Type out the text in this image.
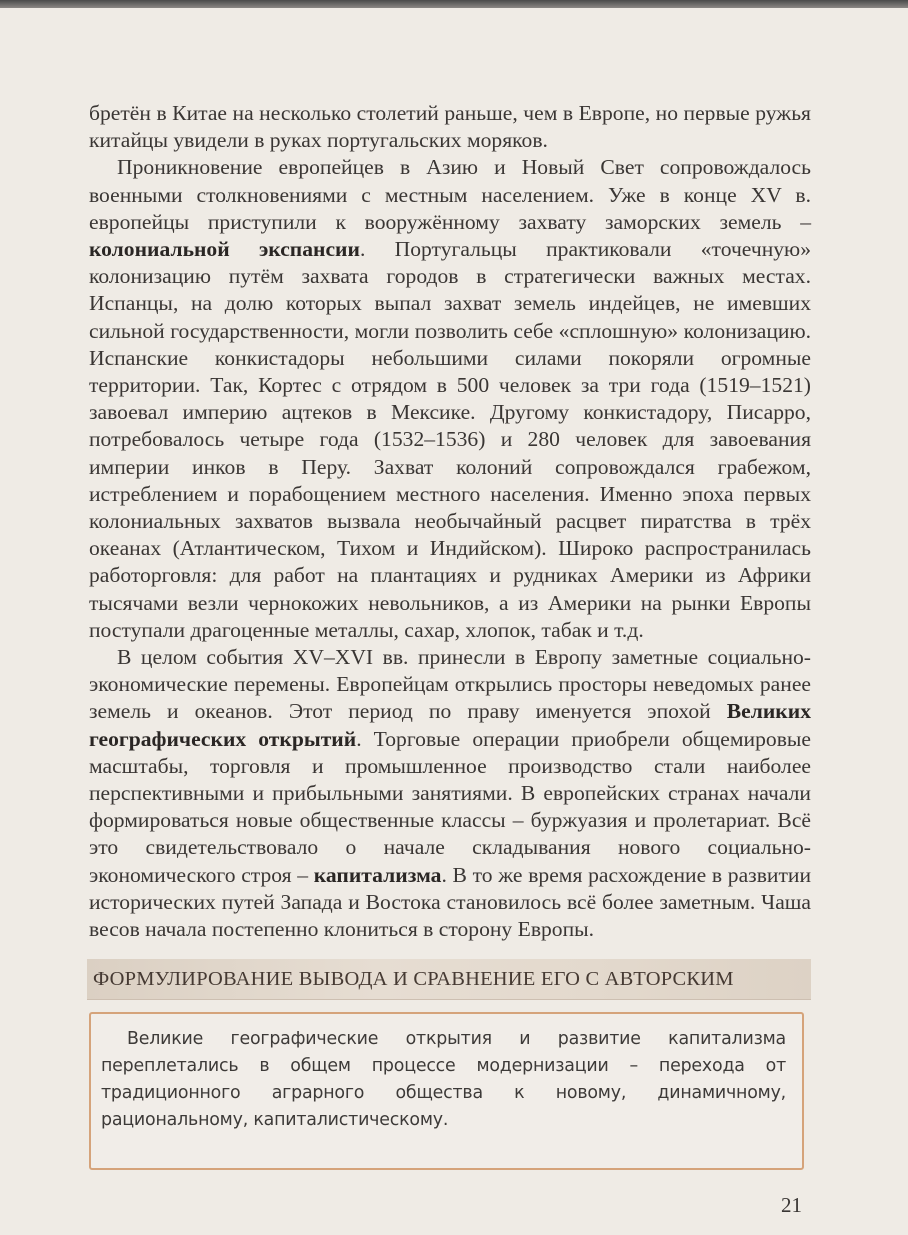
бретён в Китае на несколько столетий раньше, чем в Европе, но первые ружья китайцы увидели в руках португальских моряков.

Проникновение европейцев в Азию и Новый Свет сопровождалось военными столкновениями с местным населением. Уже в конце XV в. европейцы приступили к вооружённому захвату заморских земель – колониальной экспансии. Португальцы практиковали «точечную» колонизацию путём захвата городов в стратегически важных местах. Испанцы, на долю которых выпал захват земель индейцев, не имевших сильной государственности, могли позволить себе «сплошную» колонизацию. Испанские конкистадоры небольшими силами покоряли огромные территории. Так, Кортес с отрядом в 500 человек за три года (1519–1521) завоевал империю ацтеков в Мексике. Другому конкистадору, Писарро, потребовалось четыре года (1532–1536) и 280 человек для завоевания империи инков в Перу. Захват колоний сопровождался грабежом, истреблением и порабощением местного населения. Именно эпоха первых колониальных захватов вызвала необычайный расцвет пиратства в трёх океанах (Атлантическом, Тихом и Индийском). Широко распространилась работорговля: для работ на плантациях и рудниках Америки из Африки тысячами везли чернокожих невольников, а из Америки на рынки Европы поступали драгоценные металлы, сахар, хлопок, табак и т.д.

В целом события XV–XVI вв. принесли в Европу заметные социально-экономические перемены. Европейцам открылись просторы неведомых ранее земель и океанов. Этот период по праву именуется эпохой Великих географических открытий. Торговые операции приобрели общемировые масштабы, торговля и промышленное производство стали наиболее перспективными и прибыльными занятиями. В европейских странах начали формироваться новые общественные классы – буржуазия и пролетариат. Всё это свидетельствовало о начале складывания нового социально-экономического строя – капитализма. В то же время расхождение в развитии исторических путей Запада и Востока становилось всё более заметным. Чаша весов начала постепенно клониться в сторону Европы.

ФОРМУЛИРОВАНИЕ ВЫВОДА И СРАВНЕНИЕ ЕГО С АВТОРСКИМ

Великие географические открытия и развитие капитализма переплетались в общем процессе модернизации – перехода от традиционного аграрного общества к новому, динамичному, рациональному, капиталистическому.

21
